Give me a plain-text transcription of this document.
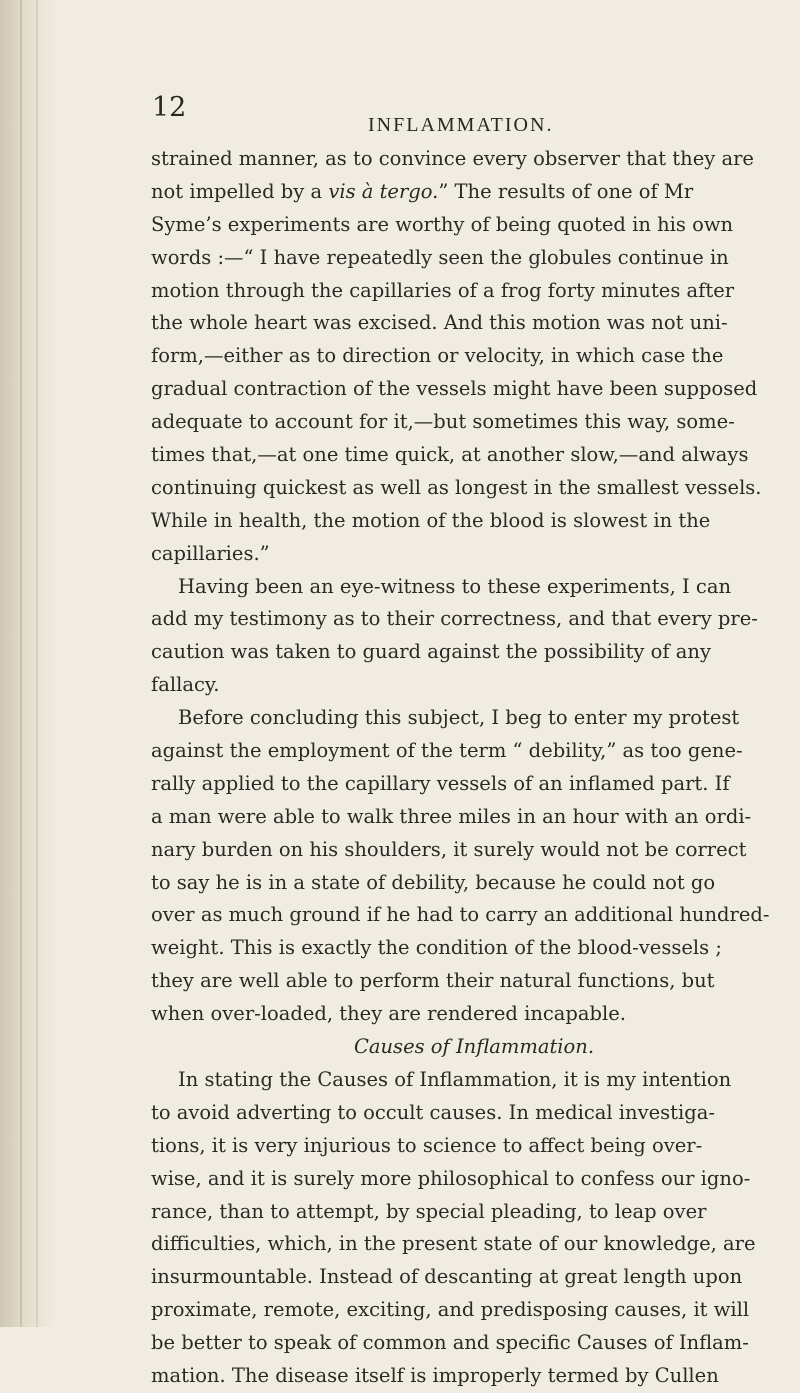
12
INFLAMMATION.
strained manner, as to convince every observer that they are
not impelled by a vis à tergo.” The results of one of Mr
Syme’s experiments are worthy of being quoted in his own
words :—“ I have repeatedly seen the globules continue in
motion through the capillaries of a frog forty minutes after
the whole heart was excised. And this motion was not uni-
form,—either as to direction or velocity, in which case the
gradual contraction of the vessels might have been supposed
adequate to account for it,—but sometimes this way, some-
times that,—at one time quick, at another slow,—and always
continuing quickest as well as longest in the smallest vessels.
While in health, the motion of the blood is slowest in the
capillaries.”
Having been an eye-witness to these experiments, I can
add my testimony as to their correctness, and that every pre-
caution was taken to guard against the possibility of any
fallacy.
Before concluding this subject, I beg to enter my protest
against the employment of the term “ debility,” as too gene-
rally applied to the capillary vessels of an inflamed part. If
a man were able to walk three miles in an hour with an ordi-
nary burden on his shoulders, it surely would not be correct
to say he is in a state of debility, because he could not go
over as much ground if he had to carry an additional hundred-
weight. This is exactly the condition of the blood-vessels ;
they are well able to perform their natural functions, but
when over-loaded, they are rendered incapable.
Causes of Inflammation.
In stating the Causes of Inflammation, it is my intention
to avoid adverting to occult causes. In medical investiga-
tions, it is very injurious to science to affect being over-
wise, and it is surely more philosophical to confess our igno-
rance, than to attempt, by special pleading, to leap over
difficulties, which, in the present state of our knowledge, are
insurmountable. Instead of descanting at great length upon
proximate, remote, exciting, and predisposing causes, it will
be better to speak of common and specific Causes of Inflam-
mation. The disease itself is improperly termed by Cullen
